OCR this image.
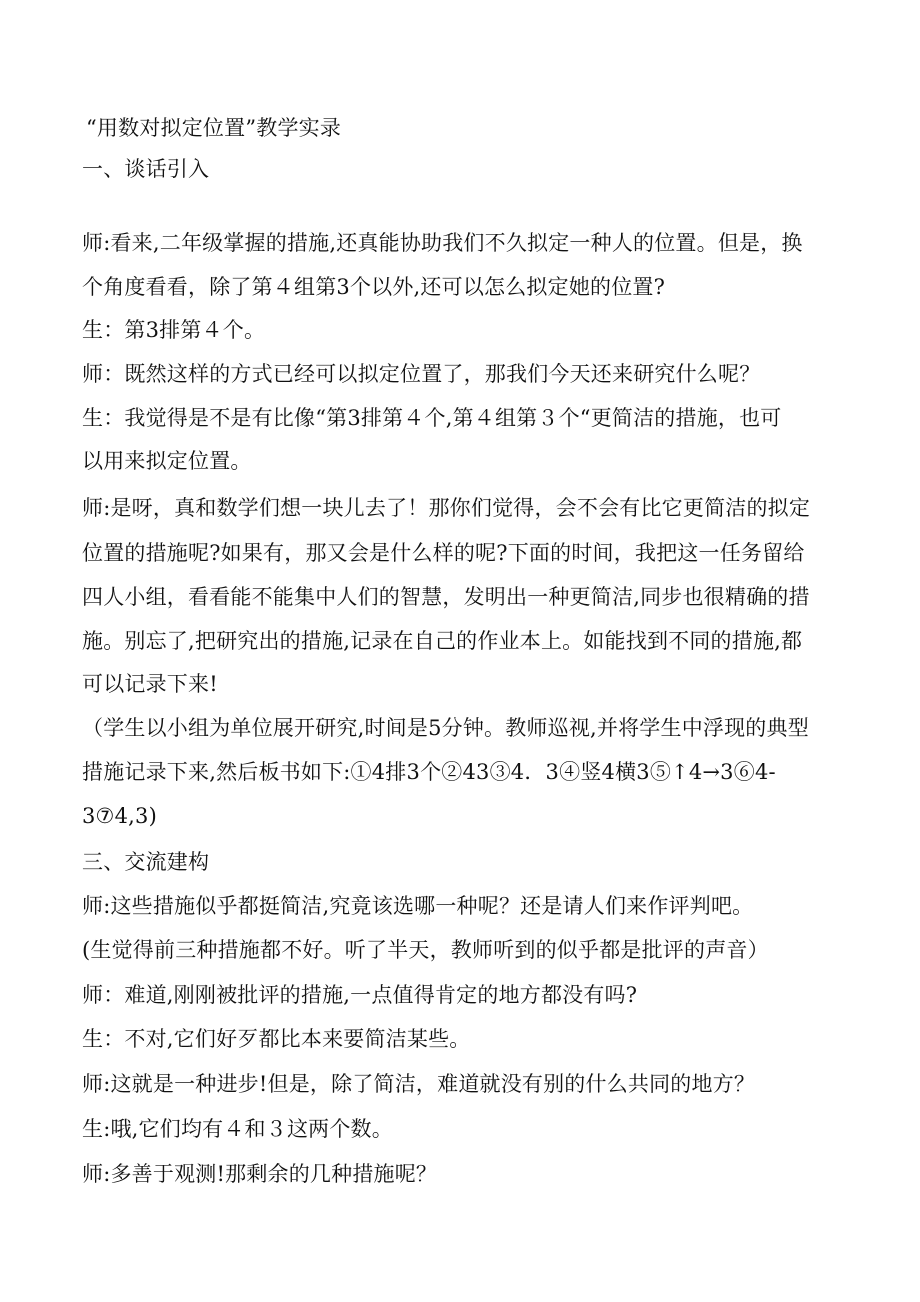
“用数对拟定位置”教学实录
一、谈话引入
师:看来,二年级掌握的措施,还真能协助我们不久拟定一种人的位置。但是，换
个角度看看，除了第４组第3个以外,还可以怎么拟定她的位置?
生：第3排第４个。
师：既然这样的方式已经可以拟定位置了，那我们今天还来研究什么呢？
生：我觉得是不是有比像“第3排第４个,第４组第３个“更简洁的措施，也可
以用来拟定位置。
师:是呀，真和数学们想一块儿去了！那你们觉得，会不会有比它更简洁的拟定
位置的措施呢?如果有，那又会是什么样的呢?下面的时间，我把这一任务留给
四人小组，看看能不能集中人们的智慧，发明出一种更简洁,同步也很精确的措
施。别忘了,把研究出的措施,记录在自己的作业本上。如能找到不同的措施,都
可以记录下来!
（学生以小组为单位展开研究,时间是5分钟。教师巡视,并将学生中浮现的典型
措施记录下来,然后板书如下:①4排3个②43③4．3④竖4横3⑤↑4→3⑥4-
3⑦4,3)
三、交流建构
师:这些措施似乎都挺简洁,究竟该选哪一种呢？还是请人们来作评判吧。
(生觉得前三种措施都不好。听了半天，教师听到的似乎都是批评的声音）
师：难道,刚刚被批评的措施,一点值得肯定的地方都没有吗?
生：不对,它们好歹都比本来要简洁某些。
师:这就是一种进步!但是，除了简洁，难道就没有别的什么共同的地方？
生:哦,它们均有４和３这两个数。
师:多善于观测!那剩余的几种措施呢？
